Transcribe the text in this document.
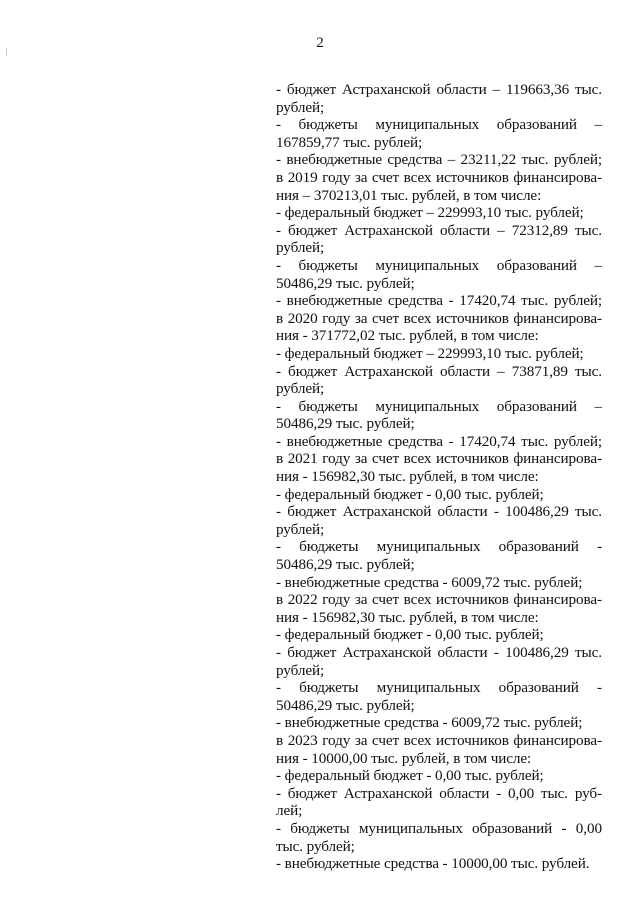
2
- бюджет Астраханской области – 119663,36 тыс.
рублей;
- бюджеты муниципальных образований –
167859,77 тыс. рублей;
- внебюджетные средства – 23211,22 тыс. рублей;
в 2019 году за счет всех источников финансирова-
ния – 370213,01 тыс. рублей, в том числе:
- федеральный бюджет – 229993,10 тыс. рублей;
- бюджет Астраханской области – 72312,89 тыс.
рублей;
- бюджеты муниципальных образований –
50486,29 тыс. рублей;
- внебюджетные средства - 17420,74 тыс. рублей;
в 2020 году за счет всех источников финансирова-
ния - 371772,02 тыс. рублей, в том числе:
- федеральный бюджет – 229993,10 тыс. рублей;
- бюджет Астраханской области – 73871,89 тыс.
рублей;
- бюджеты муниципальных образований –
50486,29 тыс. рублей;
- внебюджетные средства - 17420,74 тыс. рублей;
в 2021 году за счет всех источников финансирова-
ния - 156982,30 тыс. рублей, в том числе:
- федеральный бюджет - 0,00 тыс. рублей;
- бюджет Астраханской области - 100486,29 тыс.
рублей;
- бюджеты муниципальных образований -
50486,29 тыс. рублей;
- внебюджетные средства - 6009,72 тыс. рублей;
в 2022 году за счет всех источников финансирова-
ния - 156982,30 тыс. рублей, в том числе:
- федеральный бюджет - 0,00 тыс. рублей;
- бюджет Астраханской области - 100486,29 тыс.
рублей;
- бюджеты муниципальных образований -
50486,29 тыс. рублей;
- внебюджетные средства - 6009,72 тыс. рублей;
в 2023 году за счет всех источников финансирова-
ния - 10000,00 тыс. рублей, в том числе:
- федеральный бюджет - 0,00 тыс. рублей;
- бюджет Астраханской области - 0,00 тыс. руб-
лей;
- бюджеты муниципальных образований - 0,00
тыс. рублей;
- внебюджетные средства - 10000,00 тыс. рублей.
